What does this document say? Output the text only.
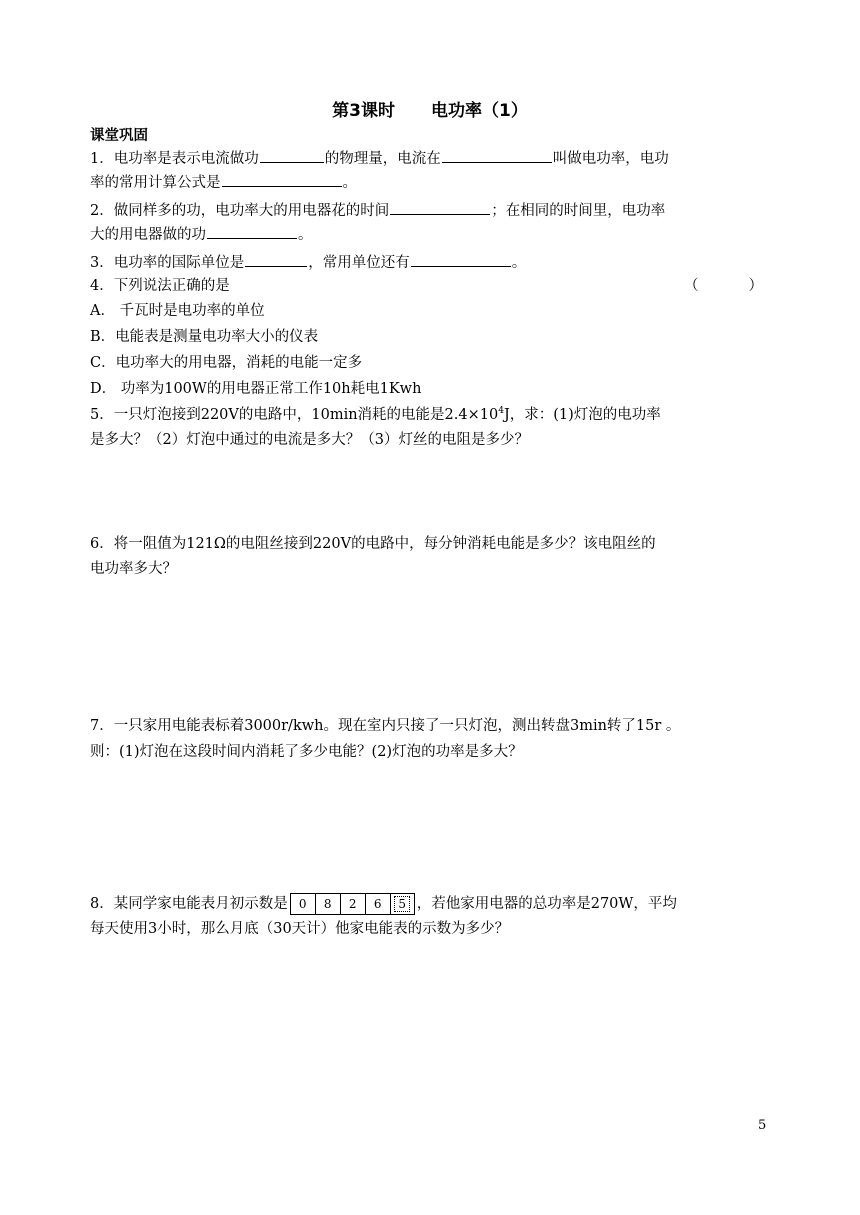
第3课时 电功率（1）
课堂巩固
1．电功率是表示电流做功	的物理量，电流在	叫做电功率，电功
率的常用计算公式是	。
2．做同样多的功，电功率大的用电器花的时间	；在相同的时间里，电功率
大的用电器做的功	。
3．电功率的国际单位是	，常用单位还有	。
4．下列说法正确的是	（	）
A． 千瓦时是电功率的单位
B．电能表是测量电功率大小的仪表
C．电功率大的用电器，消耗的电能一定多
D． 功率为100W的用电器正常工作10h耗电1Kwh
5．一只灯泡接到220V的电路中，10min消耗的电能是$2.4\times 10^4J$，求：(1)灯泡的电功率
是多大？（2）灯泡中通过的电流是多大？（3）灯丝的电阻是多少？
6．将一阻值为121Ω的电阻丝接到220V的电路中，每分钟消耗电能是多少？该电阻丝的
电功率多大？
7．一只家用电能表标着3000r/kwh。现在室内只接了一只灯泡，测出转盘3min转了15r 。
则：(1)灯泡在这段时间内消耗了多少电能？(2)灯泡的功率是多大？
8．某同学家电能表月初示数是 0	8	2	6	5 ，若他家用电器的总功率是270W，平均
每天使用3小时，那么月底（30天计）他家电能表的示数为多少？
5
